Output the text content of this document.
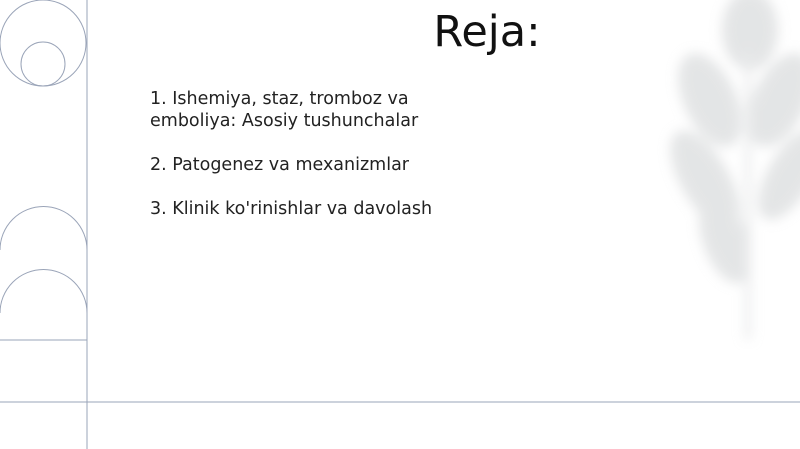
Reja:
1. Ishemiya, staz, tromboz va emboliya: Asosiy tushunchalar
2. Patogenez va mexanizmlar
3. Klinik ko'rinishlar va davolash
